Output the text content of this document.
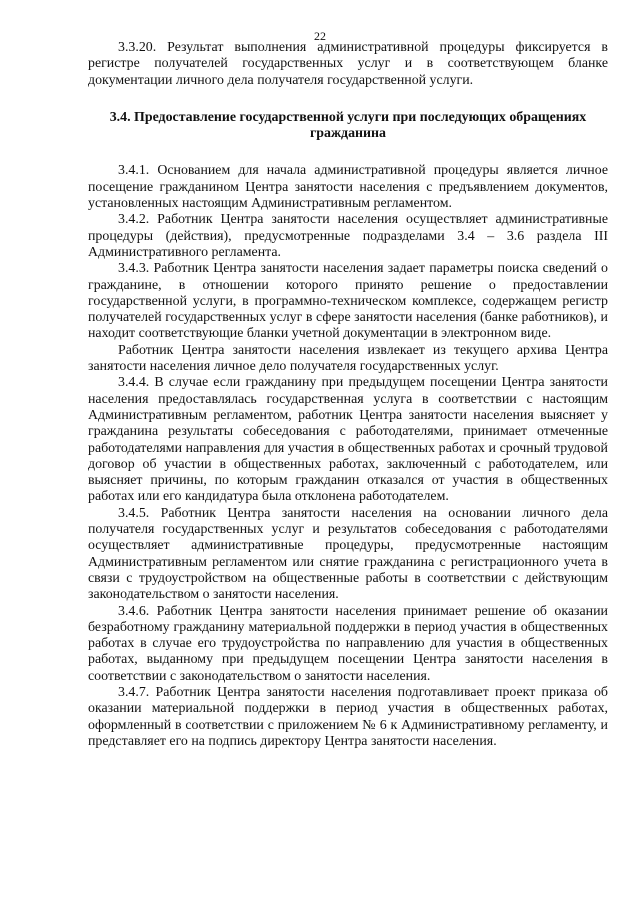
22

3.3.20. Результат выполнения административной процедуры фиксируется в регистре получателей государственных услуг и в соответствующем бланке документации личного дела получателя государственной услуги.

3.4. Предоставление государственной услуги при последующих обращениях гражданина

3.4.1. Основанием для начала административной процедуры является личное посещение гражданином Центра занятости населения с предъявлением документов, установленных настоящим Административным регламентом.

3.4.2. Работник Центра занятости населения осуществляет административные процедуры (действия), предусмотренные подразделами 3.4 – 3.6 раздела III Административного регламента.

3.4.3. Работник Центра занятости населения задает параметры поиска сведений о гражданине, в отношении которого принято решение о предоставлении государственной услуги, в программно-техническом комплексе, содержащем регистр получателей государственных услуг в сфере занятости населения (банке работников), и находит соответствующие бланки учетной документации в электронном виде.

Работник Центра занятости населения извлекает из текущего архива Центра занятости населения личное дело получателя государственных услуг.

3.4.4. В случае если гражданину при предыдущем посещении Центра занятости населения предоставлялась государственная услуга в соответствии с настоящим Административным регламентом, работник Центра занятости населения выясняет у гражданина результаты собеседования с работодателями, принимает отмеченные работодателями направления для участия в общественных работах и срочный трудовой договор об участии в общественных работах, заключенный с работодателем, или выясняет причины, по которым гражданин отказался от участия в общественных работах или его кандидатура была отклонена работодателем.

3.4.5. Работник Центра занятости населения на основании личного дела получателя государственных услуг и результатов собеседования с работодателями осуществляет административные процедуры, предусмотренные настоящим Административным регламентом или снятие гражданина с регистрационного учета в связи с трудоустройством на общественные работы в соответствии с действующим законодательством о занятости населения.

3.4.6. Работник Центра занятости населения принимает решение об оказании безработному гражданину материальной поддержки в период участия в общественных работах в случае его трудоустройства по направлению для участия в общественных работах, выданному при предыдущем посещении Центра занятости населения в соответствии с законодательством о занятости населения.

3.4.7. Работник Центра занятости населения подготавливает проект приказа об оказании материальной поддержки в период участия в общественных работах, оформленный в соответствии с приложением № 6 к Административному регламенту, и представляет его на подпись директору Центра занятости населения.
